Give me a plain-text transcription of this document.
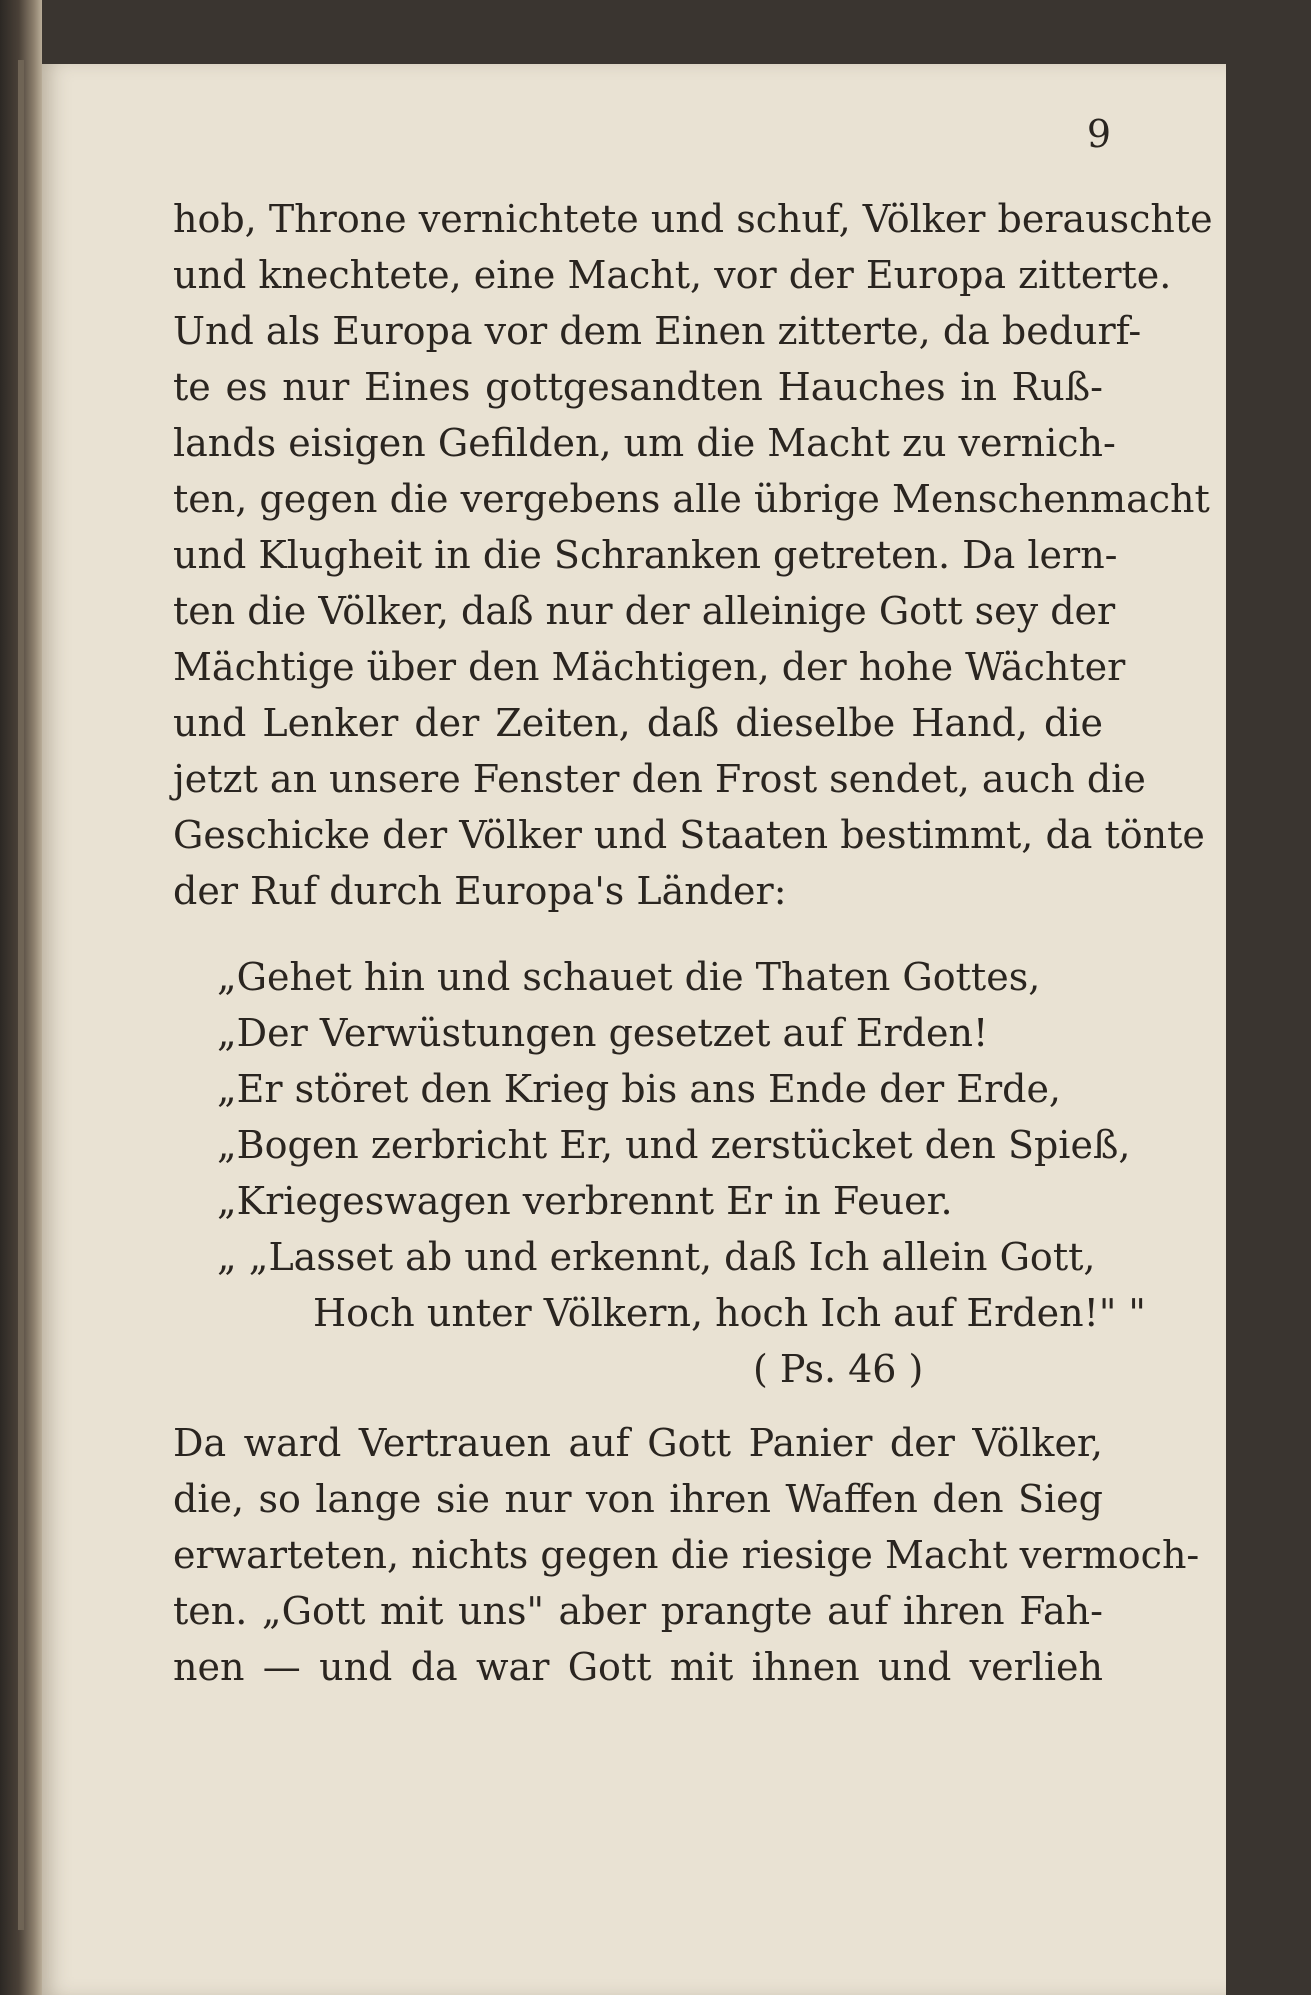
9
hob, Throne vernichtete und schuf, Völker berauschte
und knechtete, eine Macht, vor der Europa zitterte.
Und als Europa vor dem Einen zitterte, da bedurf-
te es nur Eines gottgesandten Hauches in Ruß-
lands eisigen Gefilden, um die Macht zu vernich-
ten, gegen die vergebens alle übrige Menschenmacht
und Klugheit in die Schranken getreten. Da lern-
ten die Völker, daß nur der alleinige Gott sey der
Mächtige über den Mächtigen, der hohe Wächter
und Lenker der Zeiten, daß dieselbe Hand, die
jetzt an unsere Fenster den Frost sendet, auch die
Geschicke der Völker und Staaten bestimmt, da tönte
der Ruf durch Europa's Länder:
„Gehet hin und schauet die Thaten Gottes,
„Der Verwüstungen gesetzet auf Erden!
„Er störet den Krieg bis ans Ende der Erde,
„Bogen zerbricht Er, und zerstücket den Spieß,
„Kriegeswagen verbrennt Er in Feuer.
„ „Lasset ab und erkennt, daß Ich allein Gott,
Hoch unter Völkern, hoch Ich auf Erden!" "
( Ps. 46 )
Da ward Vertrauen auf Gott Panier der Völker,
die, so lange sie nur von ihren Waffen den Sieg
erwarteten, nichts gegen die riesige Macht vermoch-
ten. „Gott mit uns" aber prangte auf ihren Fah-
nen — und da war Gott mit ihnen und verlieh
